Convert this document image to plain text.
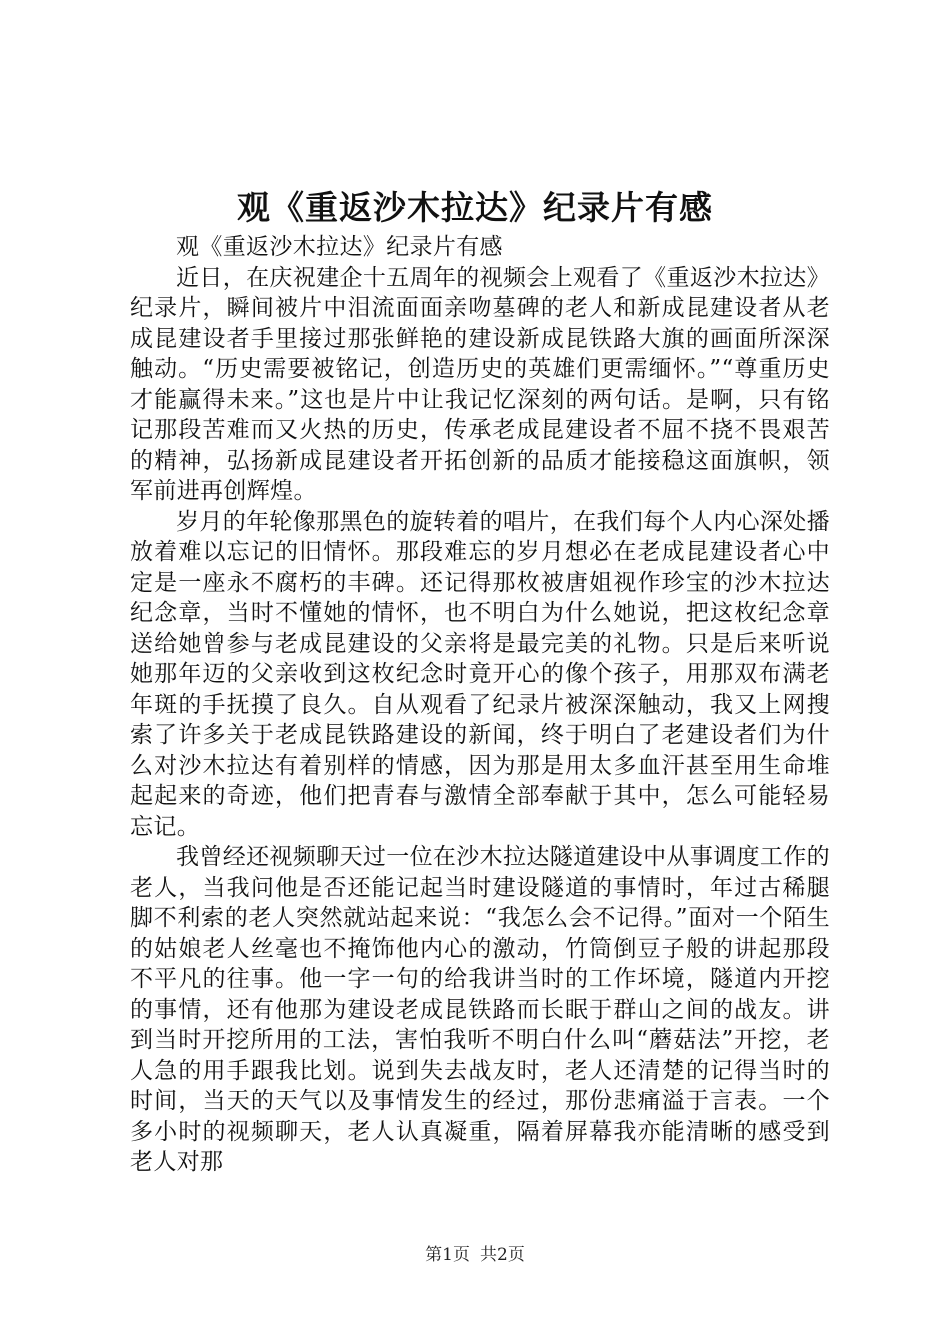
观《重返沙木拉达》纪录片有感

观《重返沙木拉达》纪录片有感

近日，在庆祝建企十五周年的视频会上观看了《重返沙木拉达》纪录片，瞬间被片中泪流面面亲吻墓碑的老人和新成昆建设者从老成昆建设者手里接过那张鲜艳的建设新成昆铁路大旗的画面所深深触动。“历史需要被铭记，创造历史的英雄们更需缅怀。”“尊重历史才能赢得未来。”这也是片中让我记忆深刻的两句话。是啊，只有铭记那段苦难而又火热的历史，传承老成昆建设者不屈不挠不畏艰苦的精神，弘扬新成昆建设者开拓创新的品质才能接稳这面旗帜，领军前进再创辉煌。

岁月的年轮像那黑色的旋转着的唱片，在我们每个人内心深处播放着难以忘记的旧情怀。那段难忘的岁月想必在老成昆建设者心中定是一座永不腐朽的丰碑。还记得那枚被唐姐视作珍宝的沙木拉达纪念章，当时不懂她的情怀，也不明白为什么她说，把这枚纪念章送给她曾参与老成昆建设的父亲将是最完美的礼物。只是后来听说她那年迈的父亲收到这枚纪念时竟开心的像个孩子，用那双布满老年斑的手抚摸了良久。自从观看了纪录片被深深触动，我又上网搜索了许多关于老成昆铁路建设的新闻，终于明白了老建设者们为什么对沙木拉达有着别样的情感，因为那是用太多血汗甚至用生命堆起起来的奇迹，他们把青春与激情全部奉献于其中，怎么可能轻易忘记。

我曾经还视频聊天过一位在沙木拉达隧道建设中从事调度工作的老人，当我问他是否还能记起当时建设隧道的事情时，年过古稀腿脚不利索的老人突然就站起来说：“我怎么会不记得。”面对一个陌生的姑娘老人丝毫也不掩饰他内心的激动，竹筒倒豆子般的讲起那段不平凡的往事。他一字一句的给我讲当时的工作坏境，隧道内开挖的事情，还有他那为建设老成昆铁路而长眠于群山之间的战友。讲到当时开挖所用的工法，害怕我听不明白什么叫“蘑菇法”开挖，老人急的用手跟我比划。说到失去战友时，老人还清楚的记得当时的时间，当天的天气以及事情发生的经过，那份悲痛溢于言表。一个多小时的视频聊天，老人认真凝重，隔着屏幕我亦能清晰的感受到老人对那

第1页 共2页
